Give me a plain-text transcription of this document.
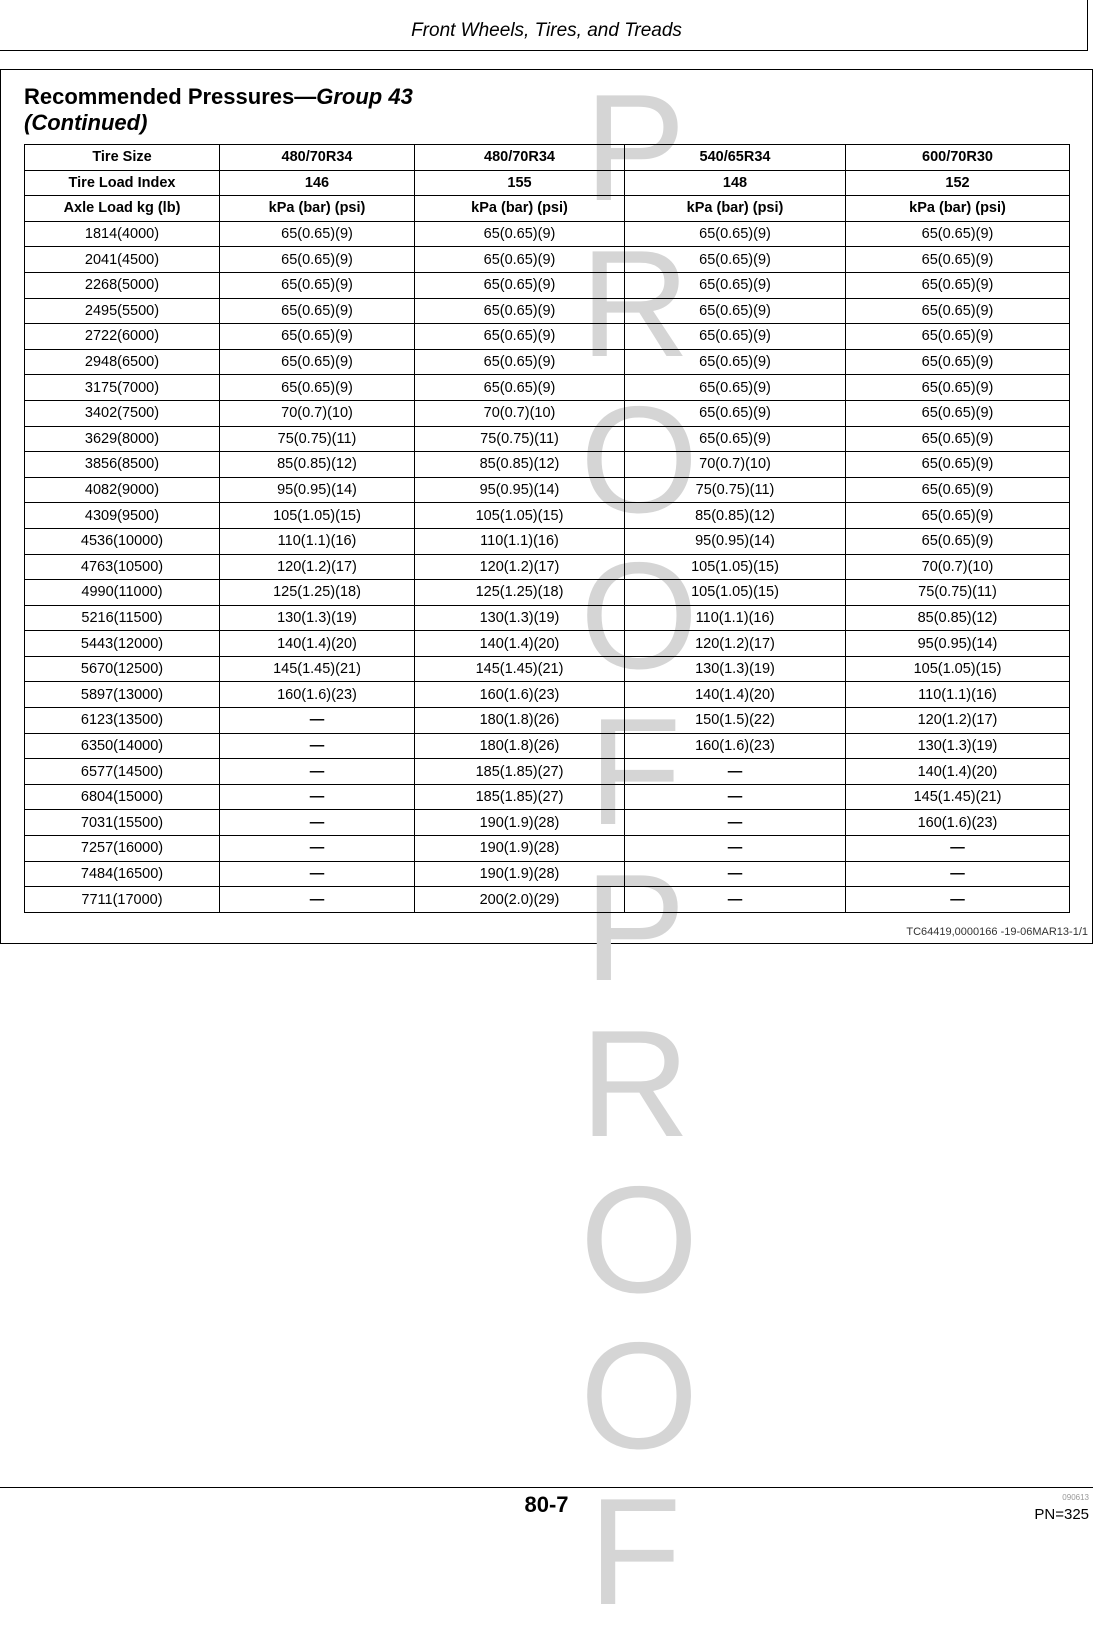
Front Wheels, Tires, and Treads
P
R
O
O
F
P
R
O
O
F
Recommended Pressures—Group 43
(Continued)
Tire Size	480/70R34	480/70R34	540/65R34	600/70R30
Tire Load Index	146	155	148	152
Axle Load kg (lb)	kPa (bar) (psi)	kPa (bar) (psi)	kPa (bar) (psi)	kPa (bar) (psi)
1814(4000)	65(0.65)(9)	65(0.65)(9)	65(0.65)(9)	65(0.65)(9)
2041(4500)	65(0.65)(9)	65(0.65)(9)	65(0.65)(9)	65(0.65)(9)
2268(5000)	65(0.65)(9)	65(0.65)(9)	65(0.65)(9)	65(0.65)(9)
2495(5500)	65(0.65)(9)	65(0.65)(9)	65(0.65)(9)	65(0.65)(9)
2722(6000)	65(0.65)(9)	65(0.65)(9)	65(0.65)(9)	65(0.65)(9)
2948(6500)	65(0.65)(9)	65(0.65)(9)	65(0.65)(9)	65(0.65)(9)
3175(7000)	65(0.65)(9)	65(0.65)(9)	65(0.65)(9)	65(0.65)(9)
3402(7500)	70(0.7)(10)	70(0.7)(10)	65(0.65)(9)	65(0.65)(9)
3629(8000)	75(0.75)(11)	75(0.75)(11)	65(0.65)(9)	65(0.65)(9)
3856(8500)	85(0.85)(12)	85(0.85)(12)	70(0.7)(10)	65(0.65)(9)
4082(9000)	95(0.95)(14)	95(0.95)(14)	75(0.75)(11)	65(0.65)(9)
4309(9500)	105(1.05)(15)	105(1.05)(15)	85(0.85)(12)	65(0.65)(9)
4536(10000)	110(1.1)(16)	110(1.1)(16)	95(0.95)(14)	65(0.65)(9)
4763(10500)	120(1.2)(17)	120(1.2)(17)	105(1.05)(15)	70(0.7)(10)
4990(11000)	125(1.25)(18)	125(1.25)(18)	105(1.05)(15)	75(0.75)(11)
5216(11500)	130(1.3)(19)	130(1.3)(19)	110(1.1)(16)	85(0.85)(12)
5443(12000)	140(1.4)(20)	140(1.4)(20)	120(1.2)(17)	95(0.95)(14)
5670(12500)	145(1.45)(21)	145(1.45)(21)	130(1.3)(19)	105(1.05)(15)
5897(13000)	160(1.6)(23)	160(1.6)(23)	140(1.4)(20)	110(1.1)(16)
6123(13500)	—	180(1.8)(26)	150(1.5)(22)	120(1.2)(17)
6350(14000)	—	180(1.8)(26)	160(1.6)(23)	130(1.3)(19)
6577(14500)	—	185(1.85)(27)	—	140(1.4)(20)
6804(15000)	—	185(1.85)(27)	—	145(1.45)(21)
7031(15500)	—	190(1.9)(28)	—	160(1.6)(23)
7257(16000)	—	190(1.9)(28)	—	—
7484(16500)	—	190(1.9)(28)	—	—
7711(17000)	—	200(2.0)(29)	—	—
TC64419,0000166 -19-06MAR13-1/1
80-7	090613
PN=325
